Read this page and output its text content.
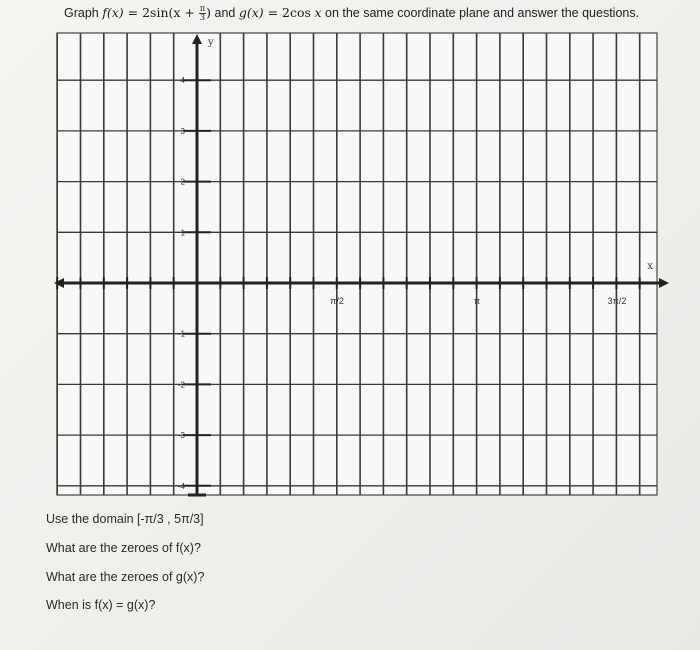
Graph $f(x) = 2\sin(x + \frac{\pi}{3}$ ) and g(x) = 2cos x on the same coordinate plane and answer the questions.
4
3
2
1
-1
-2
-3
-4
π/2	π	3π/2
y
x
Use the domain [-π/3 , 5π/3]
What are the zeroes of f(x)?
What are the zeroes of g(x)?
When is f(x) = g(x)?
